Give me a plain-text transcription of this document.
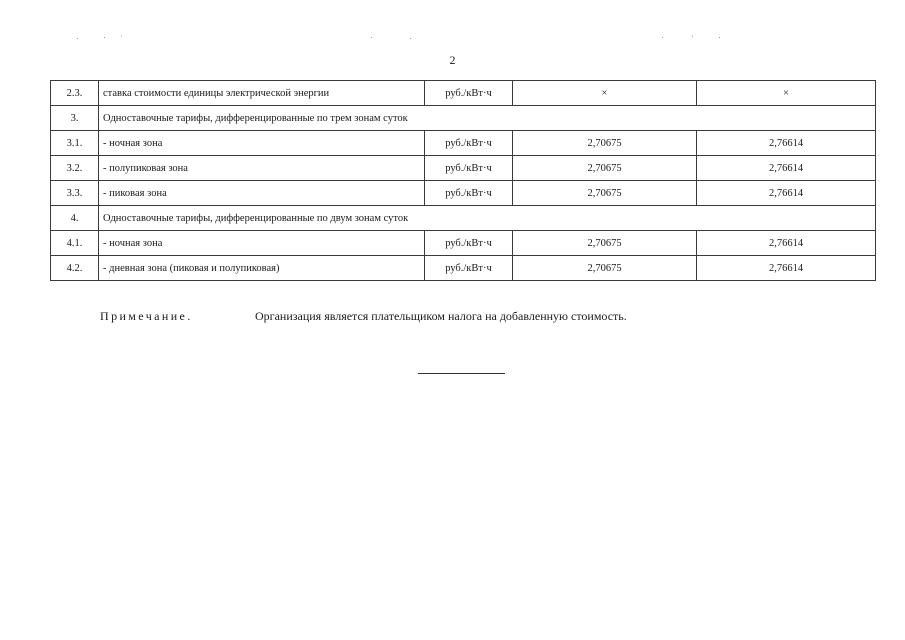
2
2.3.	ставка стоимости единицы электрической энергии	руб./кВт·ч	×	×
3.	Одноставочные тарифы, дифференцированные по трем зонам суток			
3.1.	- ночная зона	руб./кВт·ч	2,70675	2,76614
3.2.	- полупиковая зона	руб./кВт·ч	2,70675	2,76614
3.3.	- пиковая зона	руб./кВт·ч	2,70675	2,76614
4.	Одноставочные тарифы, дифференцированные по двум зонам суток			
4.1.	- ночная зона	руб./кВт·ч	2,70675	2,76614
4.2.	- дневная зона (пиковая и полупиковая)	руб./кВт·ч	2,70675	2,76614
Примечание.	Организация является плательщиком налога на добавленную стоимость.
